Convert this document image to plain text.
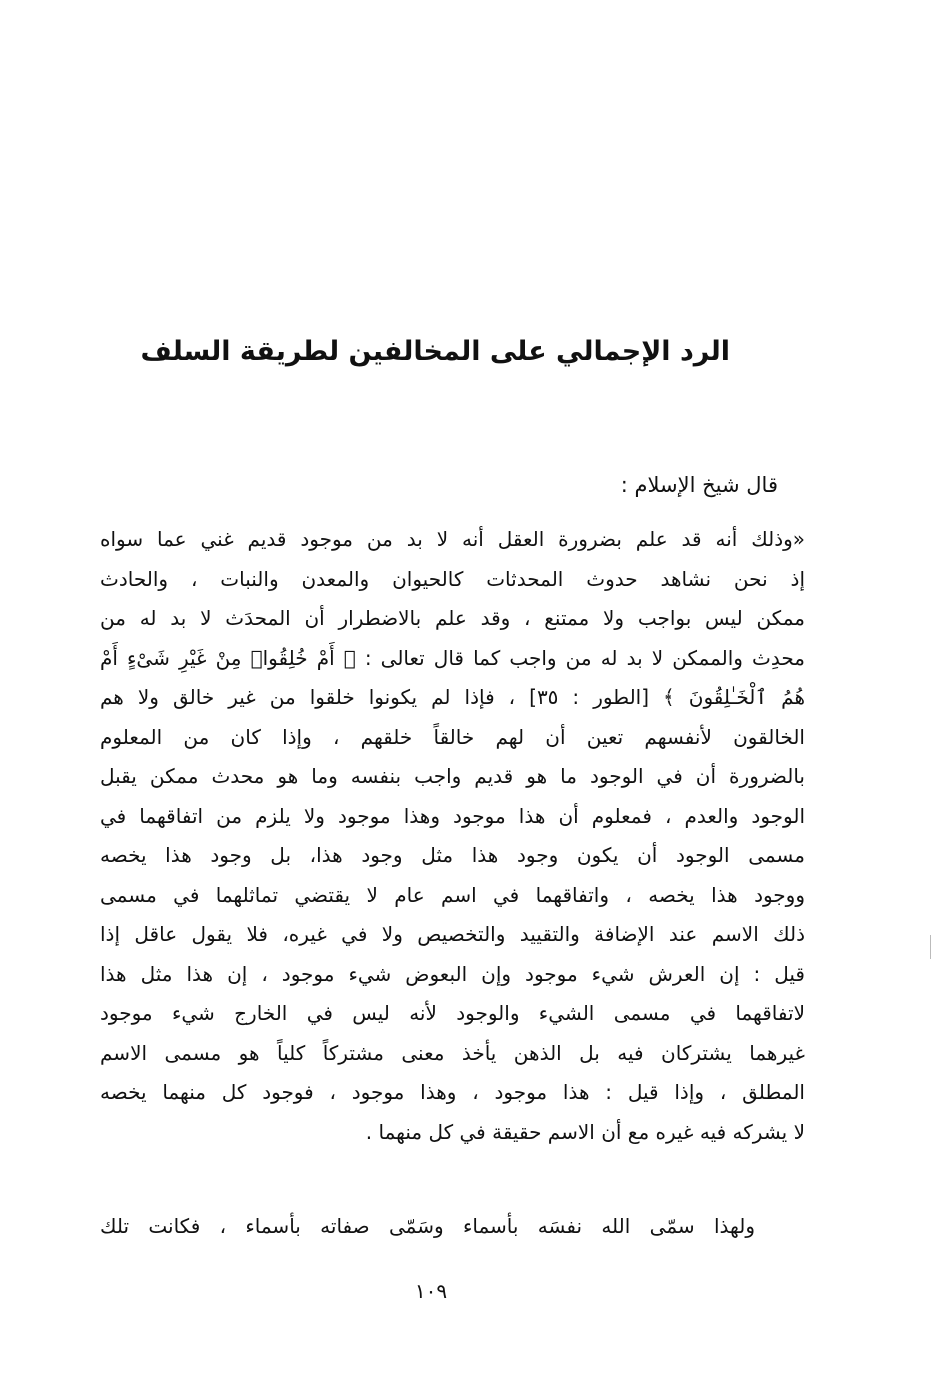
الرد الإجمالي على المخالفين لطريقة السلف
قال شيخ الإسلام :
«وذلك أنه قد علم بضرورة العقل أنه لا بد من موجود قديم غني عما سواه
إذ نحن نشاهد حدوث المحدثات كالحيوان والمعدن والنبات ، والحادث
ممكن ليس بواجب ولا ممتنع ، وقد علم بالاضطرار أن المحدَث لا بد له من
محدِث والممكن لا بد له من واجب كما قال تعالى : ﴿ أَمْ خُلِقُوا۟ مِنْ غَيْرِ شَىْءٍ أَمْ
هُمُ ٱلْخَـٰلِقُونَ ﴾ [الطور : ٣٥] ، فإذا لم يكونوا خلقوا من غير خالق ولا هم
الخالقون لأنفسهم تعين أن لهم خالقاً خلقهم ، وإذا كان من المعلوم
بالضرورة أن في الوجود ما هو قديم واجب بنفسه وما هو محدث ممكن يقبل
الوجود والعدم ، فمعلوم أن هذا موجود وهذا موجود ولا يلزم من اتفاقهما في
مسمى الوجود أن يكون وجود هذا مثل وجود هذا، بل وجود هذا يخصه
ووجود هذا يخصه ، واتفاقهما في اسم عام لا يقتضي تماثلهما في مسمى
ذلك الاسم عند الإضافة والتقييد والتخصيص ولا في غيره، فلا يقول عاقل إذا
قيل : إن العرش شيء موجود وإن البعوض شيء موجود ، إن هذا مثل هذا
لاتفاقهما في مسمى الشيء والوجود لأنه ليس في الخارج شيء موجود
غيرهما يشتركان فيه بل الذهن يأخذ معنى مشتركاً كلياً هو مسمى الاسم
المطلق ، وإذا قيل : هذا موجود ، وهذا موجود ، فوجود كل منهما يخصه
لا يشركه فيه غيره مع أن الاسم حقيقة في كل منهما .
ولهذا سمّى الله نفسَه بأسماء وسَمّى صفاته بأسماء ، فكانت تلك
١٠٩
